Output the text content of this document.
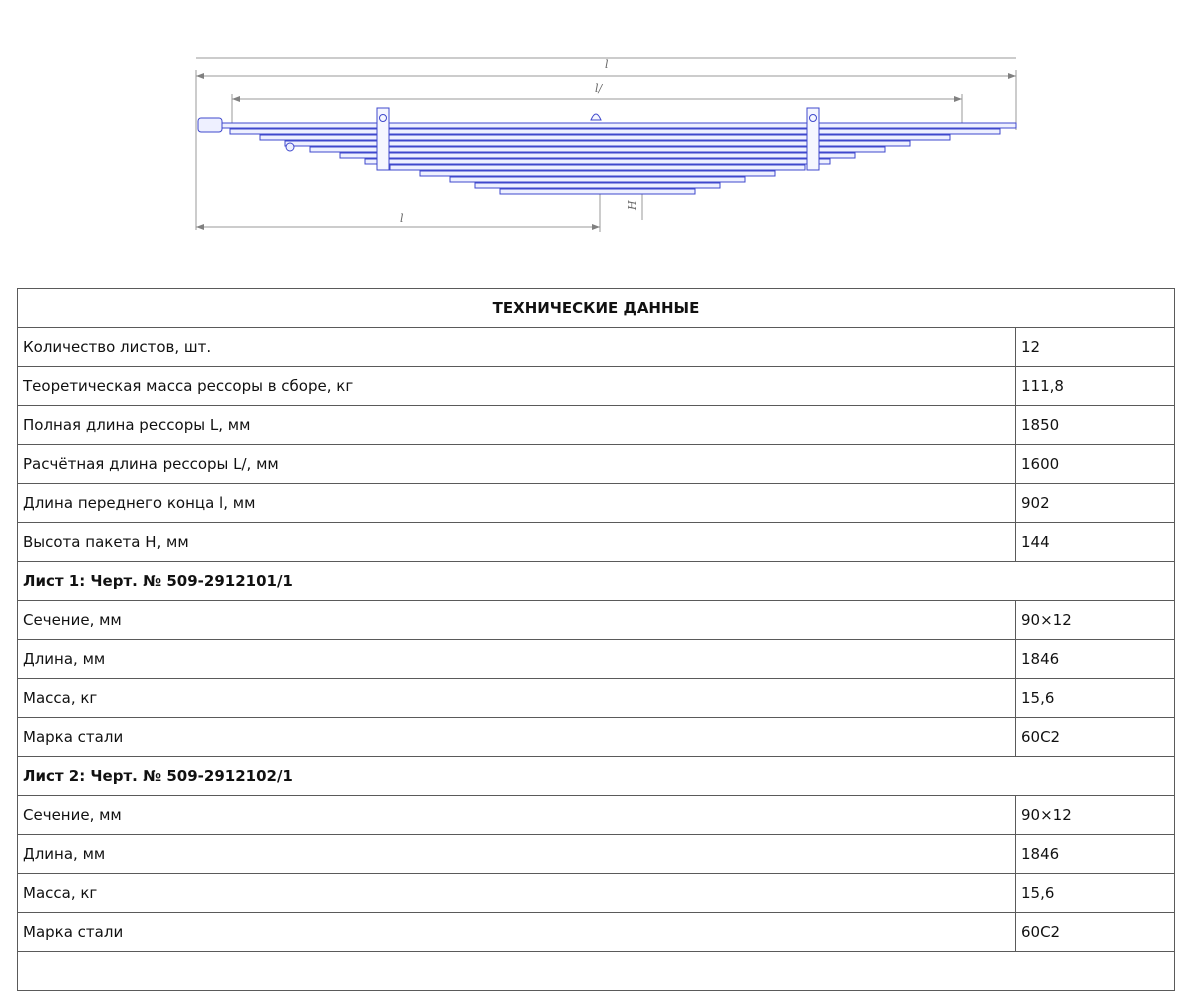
l
l/
l
H
ТЕХНИЧЕСКИЕ ДАННЫЕ	
Количество листов, шт.	12
Теоретическая масса рессоры в сборе, кг	111,8
Полная длина рессоры L, мм	1850
Расчётная длина рессоры L/, мм	1600
Длина переднего конца l, мм	902
Высота пакета H, мм	144
Лист 1: Черт. № 509-2912101/1	
Сечение, мм	90×12
Длина, мм	1846
Масса, кг	15,6
Марка стали	60С2
Лист 2: Черт. № 509-2912102/1	
Сечение, мм	90×12
Длина, мм	1846
Масса, кг	15,6
Марка стали	60С2
